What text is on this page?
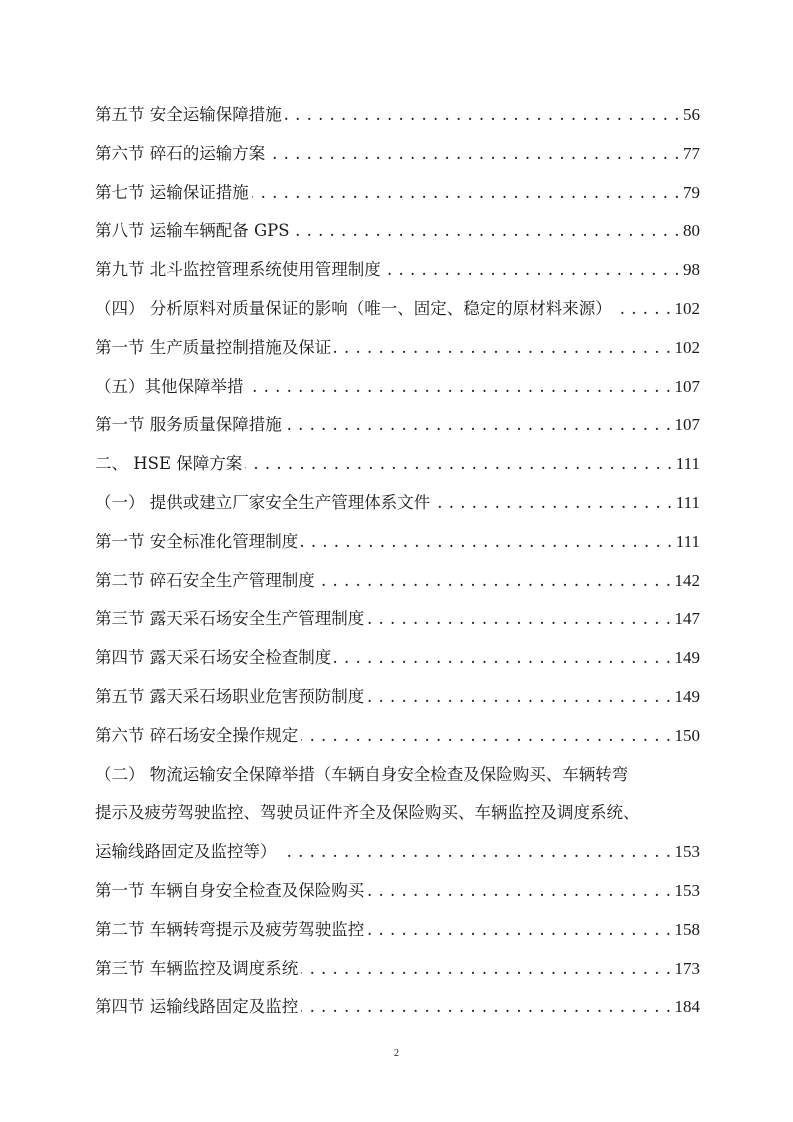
第五节 安全运输保障措施 . . .	56
第六节 碎石的运输方案 . . .	77
第七节 运输保证措施 . . .	79
第八节 运输车辆配备 GPS . . .	80
第九节 北斗监控管理系统使用管理制度 . . .	98
（四） 分析原料对质量保证的影响（唯一、固定、稳定的原材料来源） . . .	102
第一节 生产质量控制措施及保证 . . .	102
（五）其他保障举措 . . .	107
第一节 服务质量保障措施 . . .	107
二、 HSE 保障方案 . . .	111
（一） 提供或建立厂家安全生产管理体系文件 . . .	111
第一节 安全标准化管理制度 . . .	111
第二节 碎石安全生产管理制度 . . .	142
第三节 露天采石场安全生产管理制度 . . .	147
第四节 露天采石场安全检查制度 . . .	149
第五节 露天采石场职业危害预防制度 . . .	149
第六节 碎石场安全操作规定 . . .	150
（二） 物流运输安全保障举措（车辆自身安全检查及保险购买、车辆转弯
提示及疲劳驾驶监控、驾驶员证件齐全及保险购买、车辆监控及调度系统、
运输线路固定及监控等） . . .	153
第一节 车辆自身安全检查及保险购买 . . .	153
第二节 车辆转弯提示及疲劳驾驶监控 . . .	158
第三节 车辆监控及调度系统 . . .	173
第四节 运输线路固定及监控 . . .	184
2
